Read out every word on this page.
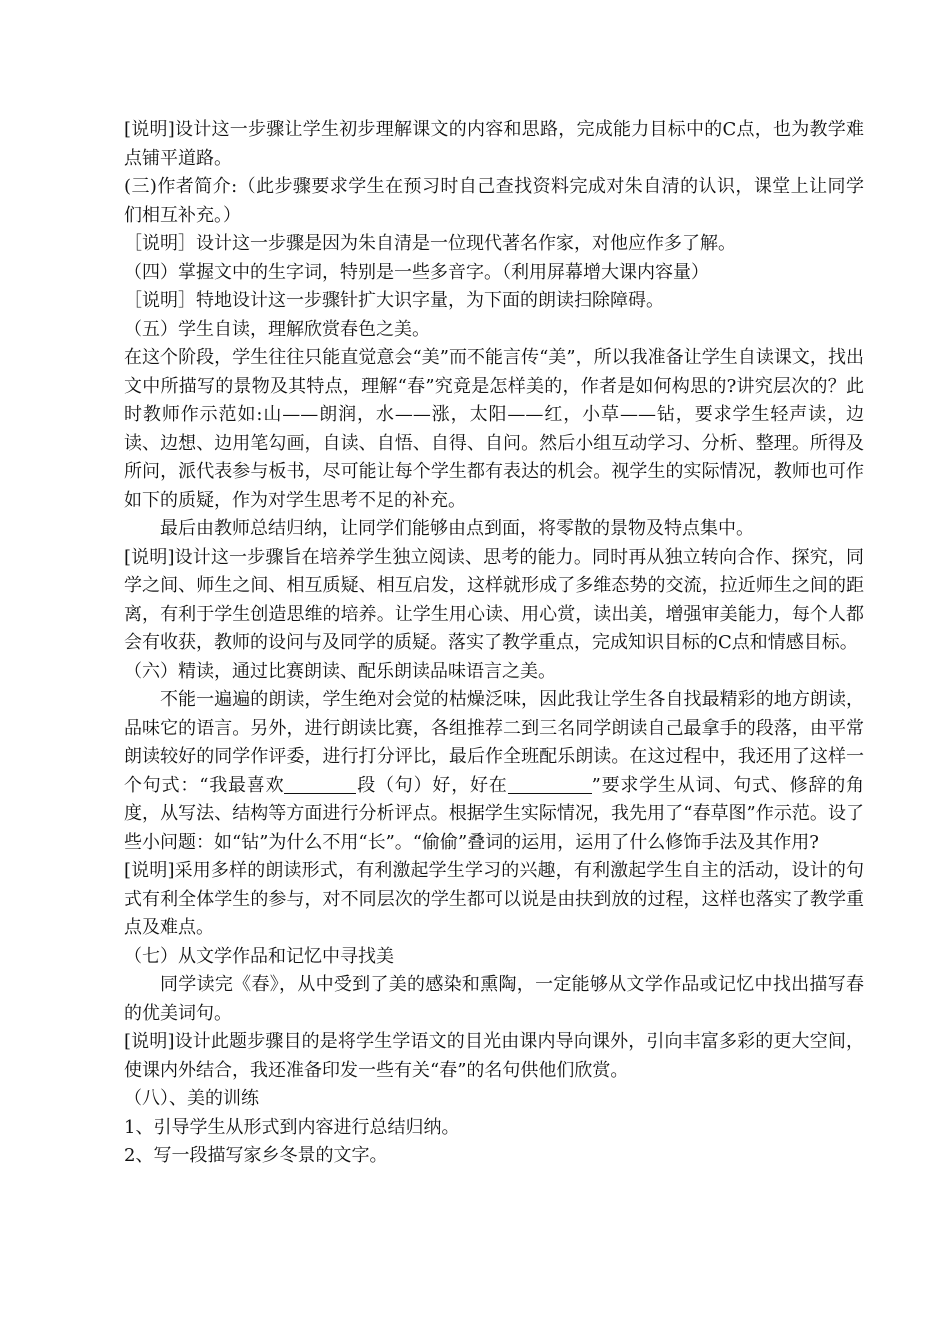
[说明]设计这一步骤让学生初步理解课文的内容和思路，完成能力目标中的C点，也为教学难点铺平道路。

(三)作者简介:（此步骤要求学生在预习时自己查找资料完成对朱自清的认识，课堂上让同学们相互补充。）

［说明］设计这一步骤是因为朱自清是一位现代著名作家，对他应作多了解。

（四）掌握文中的生字词，特别是一些多音字。（利用屏幕增大课内容量）

［说明］特地设计这一步骤针扩大识字量，为下面的朗读扫除障碍。

（五）学生自读，理解欣赏春色之美。

在这个阶段，学生往往只能直觉意会“美”而不能言传“美”，所以我准备让学生自读课文，找出文中所描写的景物及其特点，理解“春”究竟是怎样美的，作者是如何构思的?讲究层次的？此时教师作示范如:山——朗润，水——涨，太阳——红，小草——钻，要求学生轻声读，边读、边想、边用笔勾画，自读、自悟、自得、自问。然后小组互动学习、分析、整理。所得及所问，派代表参与板书，尽可能让每个学生都有表达的机会。视学生的实际情况，教师也可作如下的质疑，作为对学生思考不足的补充。

最后由教师总结归纳，让同学们能够由点到面，将零散的景物及特点集中。

[说明]设计这一步骤旨在培养学生独立阅读、思考的能力。同时再从独立转向合作、探究，同学之间、师生之间、相互质疑、相互启发，这样就形成了多维态势的交流，拉近师生之间的距离，有利于学生创造思维的培养。让学生用心读、用心赏，读出美，增强审美能力，每个人都会有收获，教师的设问与及同学的质疑。落实了教学重点，完成知识目标的C点和情感目标。

（六）精读，通过比赛朗读、配乐朗读品味语言之美。

不能一遍遍的朗读，学生绝对会觉的枯燥泛味，因此我让学生各自找最精彩的地方朗读，品味它的语言。另外，进行朗读比赛，各组推荐二到三名同学朗读自己最拿手的段落，由平常朗读较好的同学作评委，进行打分评比，最后作全班配乐朗读。在这过程中，我还用了这样一个句式：“我最喜欢	段（句）好，好在	”要求学生从词、句式、修辞的角度，从写法、结构等方面进行分析评点。根据学生实际情况，我先用了“春草图”作示范。设了些小问题：如“钻”为什么不用“长”。“偷偷”叠词的运用，运用了什么修饰手法及其作用?

[说明]采用多样的朗读形式，有利激起学生学习的兴趣，有利激起学生自主的活动，设计的句式有利全体学生的参与，对不同层次的学生都可以说是由扶到放的过程，这样也落实了教学重点及难点。

（七）从文学作品和记忆中寻找美

同学读完《春》，从中受到了美的感染和熏陶，一定能够从文学作品或记忆中找出描写春的优美词句。

[说明]设计此题步骤目的是将学生学语文的目光由课内导向课外，引向丰富多彩的更大空间，使课内外结合，我还准备印发一些有关“春”的名句供他们欣赏。

（八）、美的训练

1、引导学生从形式到内容进行总结归纳。

2、写一段描写家乡冬景的文字。
